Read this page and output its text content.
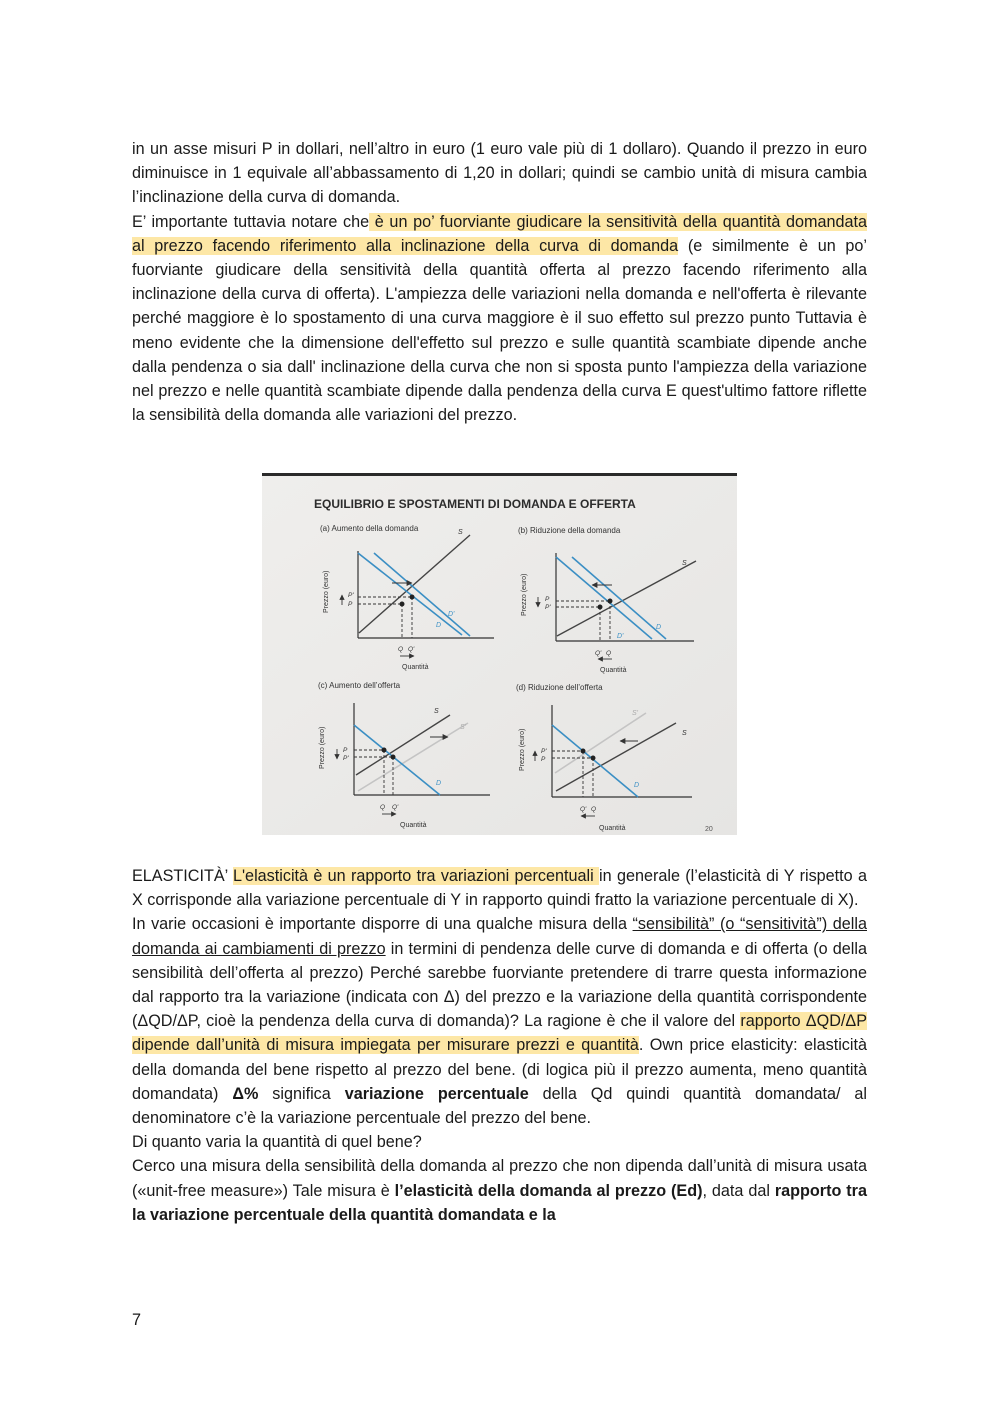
in un asse misuri P in dollari, nell’altro in euro (1 euro vale più di 1 dollaro). Quando il prezzo in euro diminuisce in 1 equivale all’abbassamento di 1,20 in dollari; quindi se cambio unità di misura cambia l’inclinazione della curva di domanda.

E’ importante tuttavia notare che è un po’ fuorviante giudicare la sensitività della quantità domandata al prezzo facendo riferimento alla inclinazione della curva di domanda (e similmente è un po’ fuorviante giudicare della sensitività della quantità offerta al prezzo facendo riferimento alla inclinazione della curva di offerta). L'ampiezza delle variazioni nella domanda e nell'offerta è rilevante perché maggiore è lo spostamento di una curva maggiore è il suo effetto sul prezzo punto Tuttavia è meno evidente che la dimensione dell'effetto sul prezzo e sulle quantità scambiate dipende anche dalla pendenza o sia dall' inclinazione della curva che non si sposta punto l'ampiezza della variazione nel prezzo e nelle quantità scambiate dipende dalla pendenza della curva E quest'ultimo fattore riflette la sensibilità della domanda alle variazioni del prezzo.

EQUILIBRIO E SPOSTAMENTI DI DOMANDA E OFFERTA
20
(a) Aumento della domanda
Prezzo (euro)
S
D
D'
P'
P
Q Q'
Quantità
(b) Riduzione della domanda
Prezzo (euro)
S
D
D'
P
P'
Q' Q
Quantità
(c) Aumento dell’offerta
Prezzo (euro)
S
S'
D
P
P'
Q Q'
Quantità
(d) Riduzione dell’offerta
Prezzo (euro)
S'
S
D
P'
P
Q' Q
Quantità

ELASTICITÀ’ L'elasticità è un rapporto tra variazioni percentuali in generale (l’elasticità di Y rispetto a X corrisponde alla variazione percentuale di Y in rapporto quindi fratto la variazione percentuale di X).

In varie occasioni è importante disporre di una qualche misura della “sensibilità” (o “sensitività”) della domanda ai cambiamenti di prezzo in termini di pendenza delle curve di domanda e di offerta (o della sensibilità dell’offerta al prezzo) Perché sarebbe fuorviante pretendere di trarre questa informazione dal rapporto tra la variazione (indicata con Δ) del prezzo e la variazione della quantità corrispondente (ΔQD/ΔP, cioè la pendenza della curva di domanda)? La ragione è che il valore del rapporto ΔQD/ΔP dipende dall’unità di misura impiegata per misurare prezzi e quantità. Own price elasticity: elasticità della domanda del bene rispetto al prezzo del bene. (di logica più il prezzo aumenta, meno quantità domandata) Δ% significa variazione percentuale della Qd quindi quantità domandata/ al denominatore c’è la variazione percentuale del prezzo del bene.

Di quanto varia la quantità di quel bene?

Cerco una misura della sensibilità della domanda al prezzo che non dipenda dall’unità di misura usata («unit-free measure») Tale misura è l’elasticità della domanda al prezzo (Ed), data dal rapporto tra la variazione percentuale della quantità domandata e la

7
